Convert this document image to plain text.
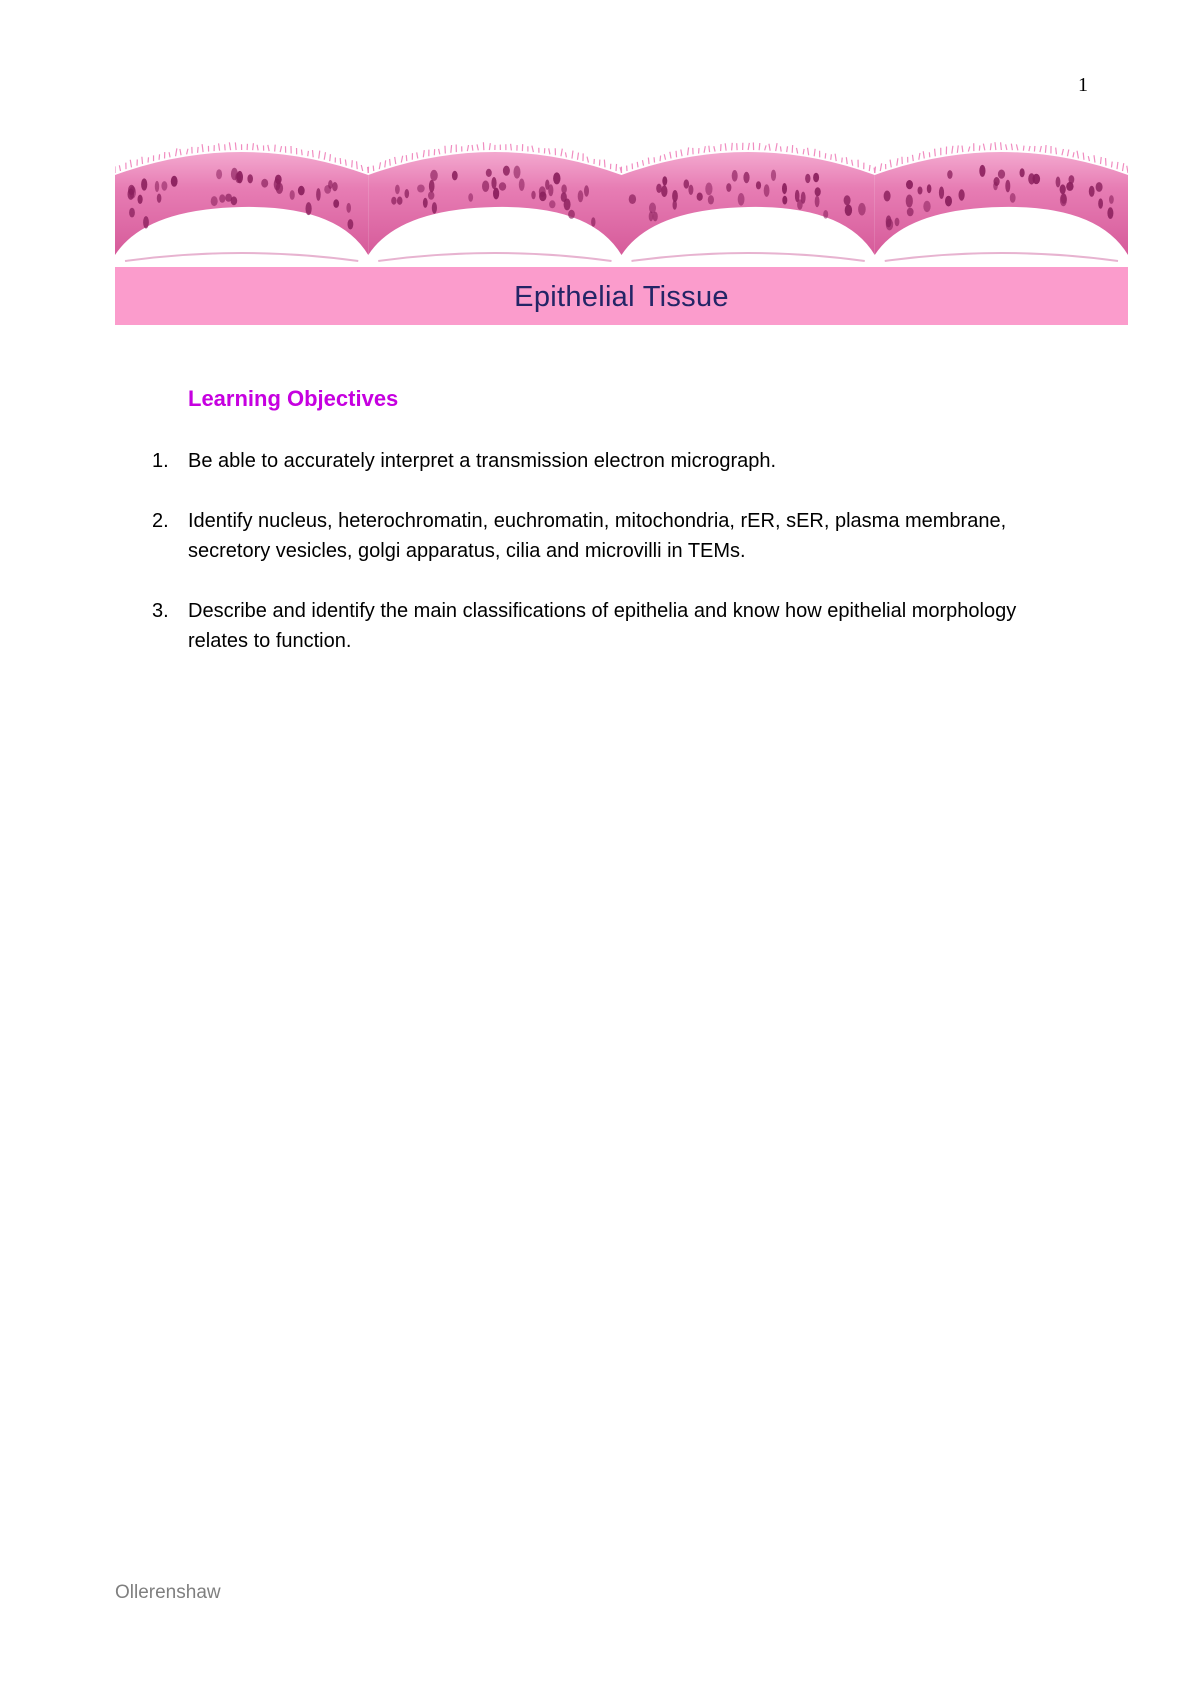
1
Epithelial Tissue
Learning Objectives
1. Be able to accurately interpret a transmission electron micrograph.
2. Identify nucleus, heterochromatin, euchromatin, mitochondria, rER, sER, plasma membrane, secretory vesicles, golgi apparatus, cilia and microvilli in TEMs.
3. Describe and identify the main classifications of epithelia and know how epithelial morphology relates to function.
Ollerenshaw
